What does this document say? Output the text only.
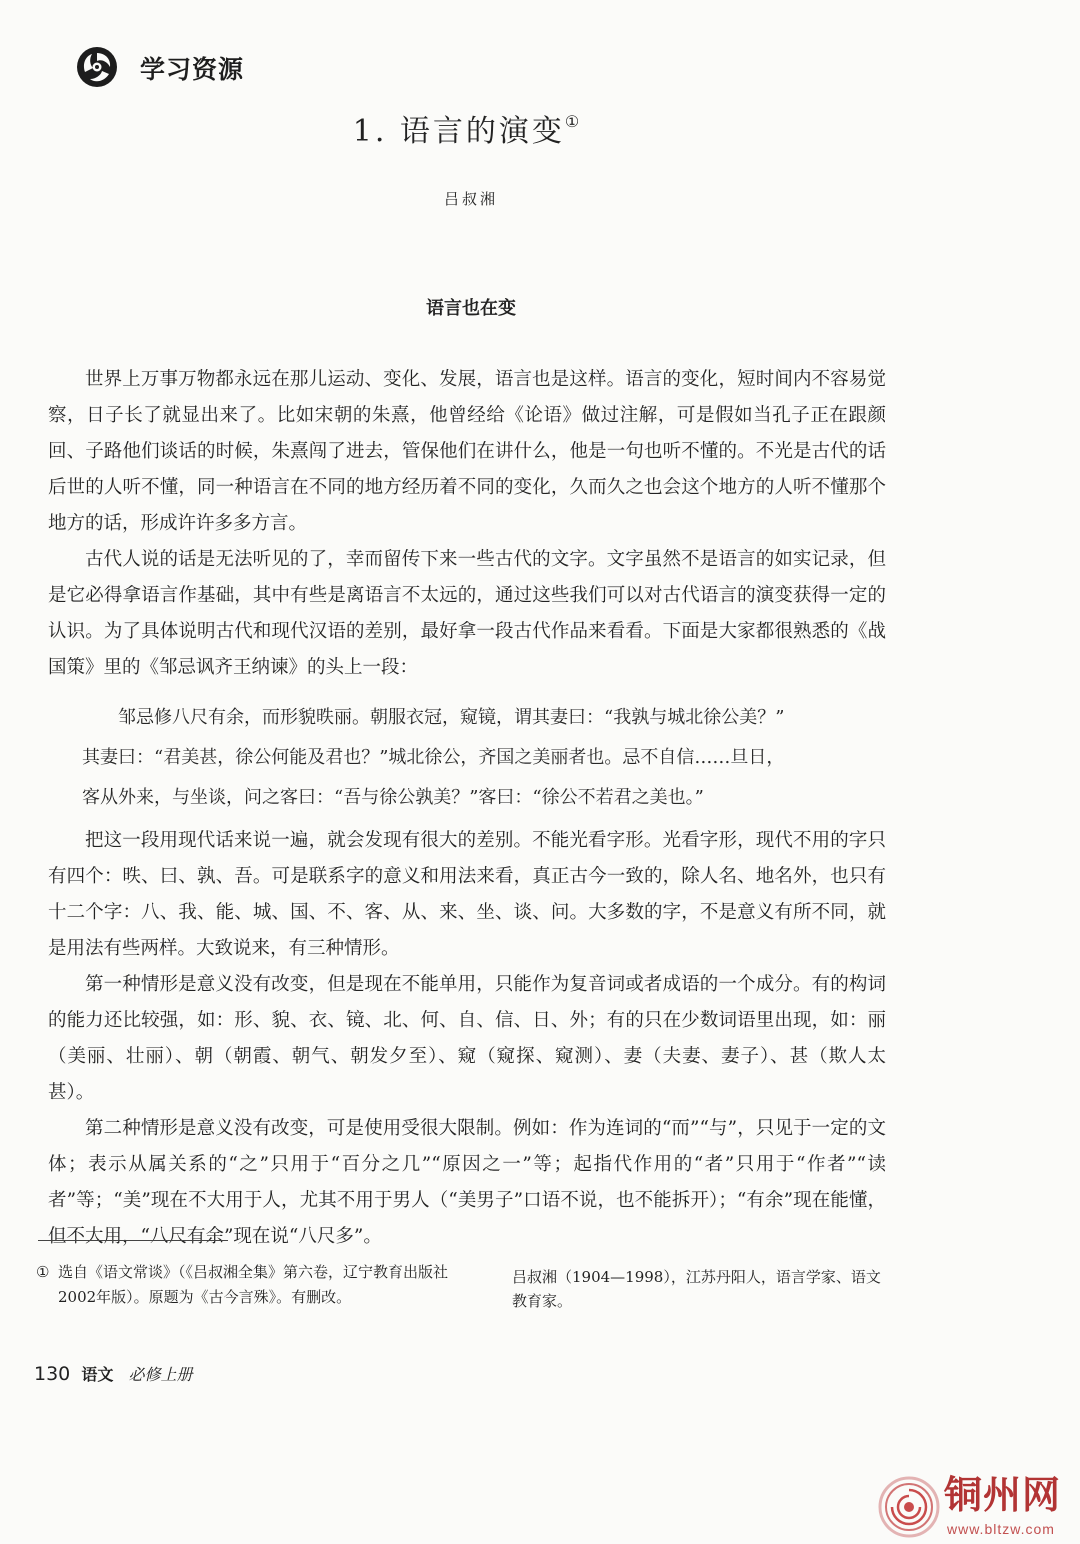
学习资源
1. 语言的演变①
吕叔湘
语言也在变

世界上万事万物都永远在那儿运动、变化、发展，语言也是这样。语言的变化，短时间内不容易觉察，日子长了就显出来了。比如宋朝的朱熹，他曾经给《论语》做过注解，可是假如当孔子正在跟颜回、子路他们谈话的时候，朱熹闯了进去，管保他们在讲什么，他是一句也听不懂的。不光是古代的话后世的人听不懂，同一种语言在不同的地方经历着不同的变化，久而久之也会这个地方的人听不懂那个地方的话，形成许许多多方言。

古代人说的话是无法听见的了，幸而留传下来一些古代的文字。文字虽然不是语言的如实记录，但是它必得拿语言作基础，其中有些是离语言不太远的，通过这些我们可以对古代语言的演变获得一定的认识。为了具体说明古代和现代汉语的差别，最好拿一段古代作品来看看。下面是大家都很熟悉的《战国策》里的《邹忌讽齐王纳谏》的头上一段：

邹忌修八尺有余，而形貌昳丽。朝服衣冠，窥镜，谓其妻曰：“我孰与城北徐公美？”
其妻曰：“君美甚，徐公何能及君也？”城北徐公，齐国之美丽者也。忌不自信……旦日，
客从外来，与坐谈，问之客曰：“吾与徐公孰美？”客曰：“徐公不若君之美也。”

把这一段用现代话来说一遍，就会发现有很大的差别。不能光看字形。光看字形，现代不用的字只有四个：昳、曰、孰、吾。可是联系字的意义和用法来看，真正古今一致的，除人名、地名外，也只有十二个字：八、我、能、城、国、不、客、从、来、坐、谈、问。大多数的字，不是意义有所不同，就是用法有些两样。大致说来，有三种情形。

第一种情形是意义没有改变，但是现在不能单用，只能作为复音词或者成语的一个成分。有的构词的能力还比较强，如：形、貌、衣、镜、北、何、自、信、日、外；有的只在少数词语里出现，如：丽（美丽、壮丽）、朝（朝霞、朝气、朝发夕至）、窥（窥探、窥测）、妻（夫妻、妻子）、甚（欺人太甚）。

第二种情形是意义没有改变，可是使用受很大限制。例如：作为连词的“而”“与”，只见于一定的文体；表示从属关系的“之”只用于“百分之几”“原因之一”等；起指代作用的“者”只用于“作者”“读者”等；“美”现在不大用于人，尤其不用于男人（“美男子”口语不说，也不能拆开）；“有余”现在能懂，但不大用，“八尺有余”现在说“八尺多”。

① 选自《语文常谈》（《吕叔湘全集》第六卷，辽宁教育出版社2002年版）。原题为《古今言殊》。有删改。
吕叔湘（1904—1998），江苏丹阳人，语言学家、语文教育家。
130 语文 必修上册
铜州网
www.bltzw.com
